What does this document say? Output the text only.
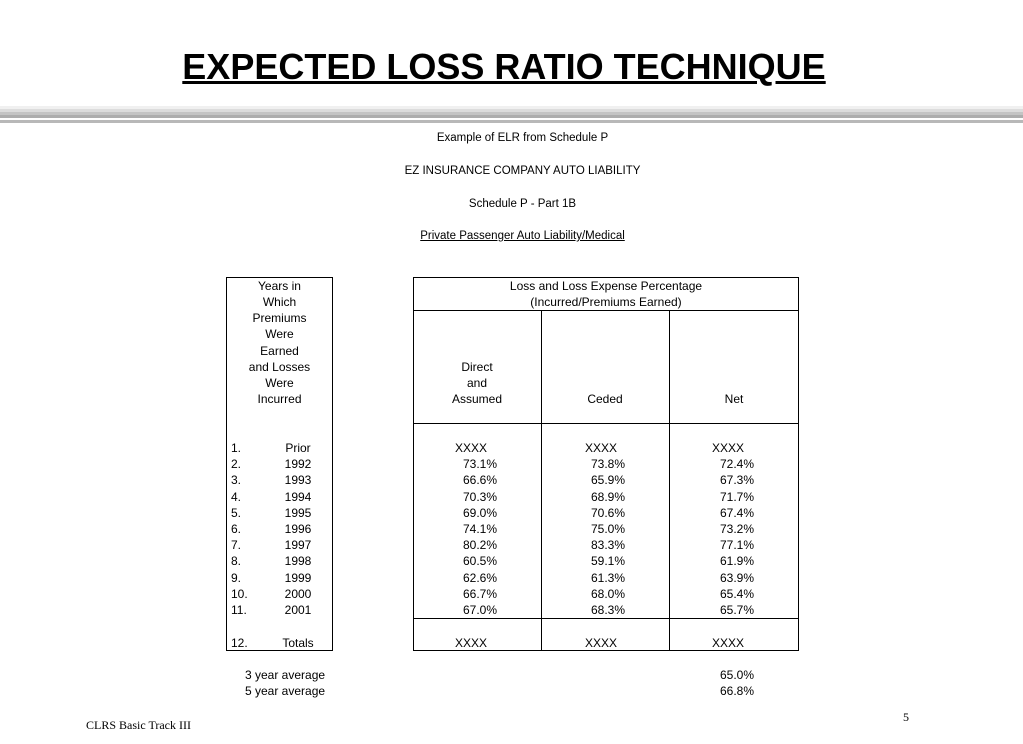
EXPECTED LOSS RATIO TECHNIQUE
Example of ELR from Schedule P
EZ INSURANCE COMPANY AUTO LIABILITY
Schedule P - Part 1B
Private Passenger Auto Liability/Medical
Years in
Which
Premiums
Were
Earned
and Losses
Were
Incurred
Loss and Loss Expense Percentage
(Incurred/Premiums Earned)
Direct
and
Assumed	Ceded	Net
1.	Prior	XXXX	XXXX	XXXX
2.	1992	73.1%	73.8%	72.4%
3.	1993	66.6%	65.9%	67.3%
4.	1994	70.3%	68.9%	71.7%
5.	1995	69.0%	70.6%	67.4%
6.	1996	74.1%	75.0%	73.2%
7.	1997	80.2%	83.3%	77.1%
8.	1998	60.5%	59.1%	61.9%
9.	1999	62.6%	61.3%	63.9%
10.	2000	66.7%	68.0%	65.4%
11.	2001	67.0%	68.3%	65.7%
12.	Totals	XXXX	XXXX	XXXX
3 year average	65.0%
5 year average	66.8%
CLRS Basic Track III
5
